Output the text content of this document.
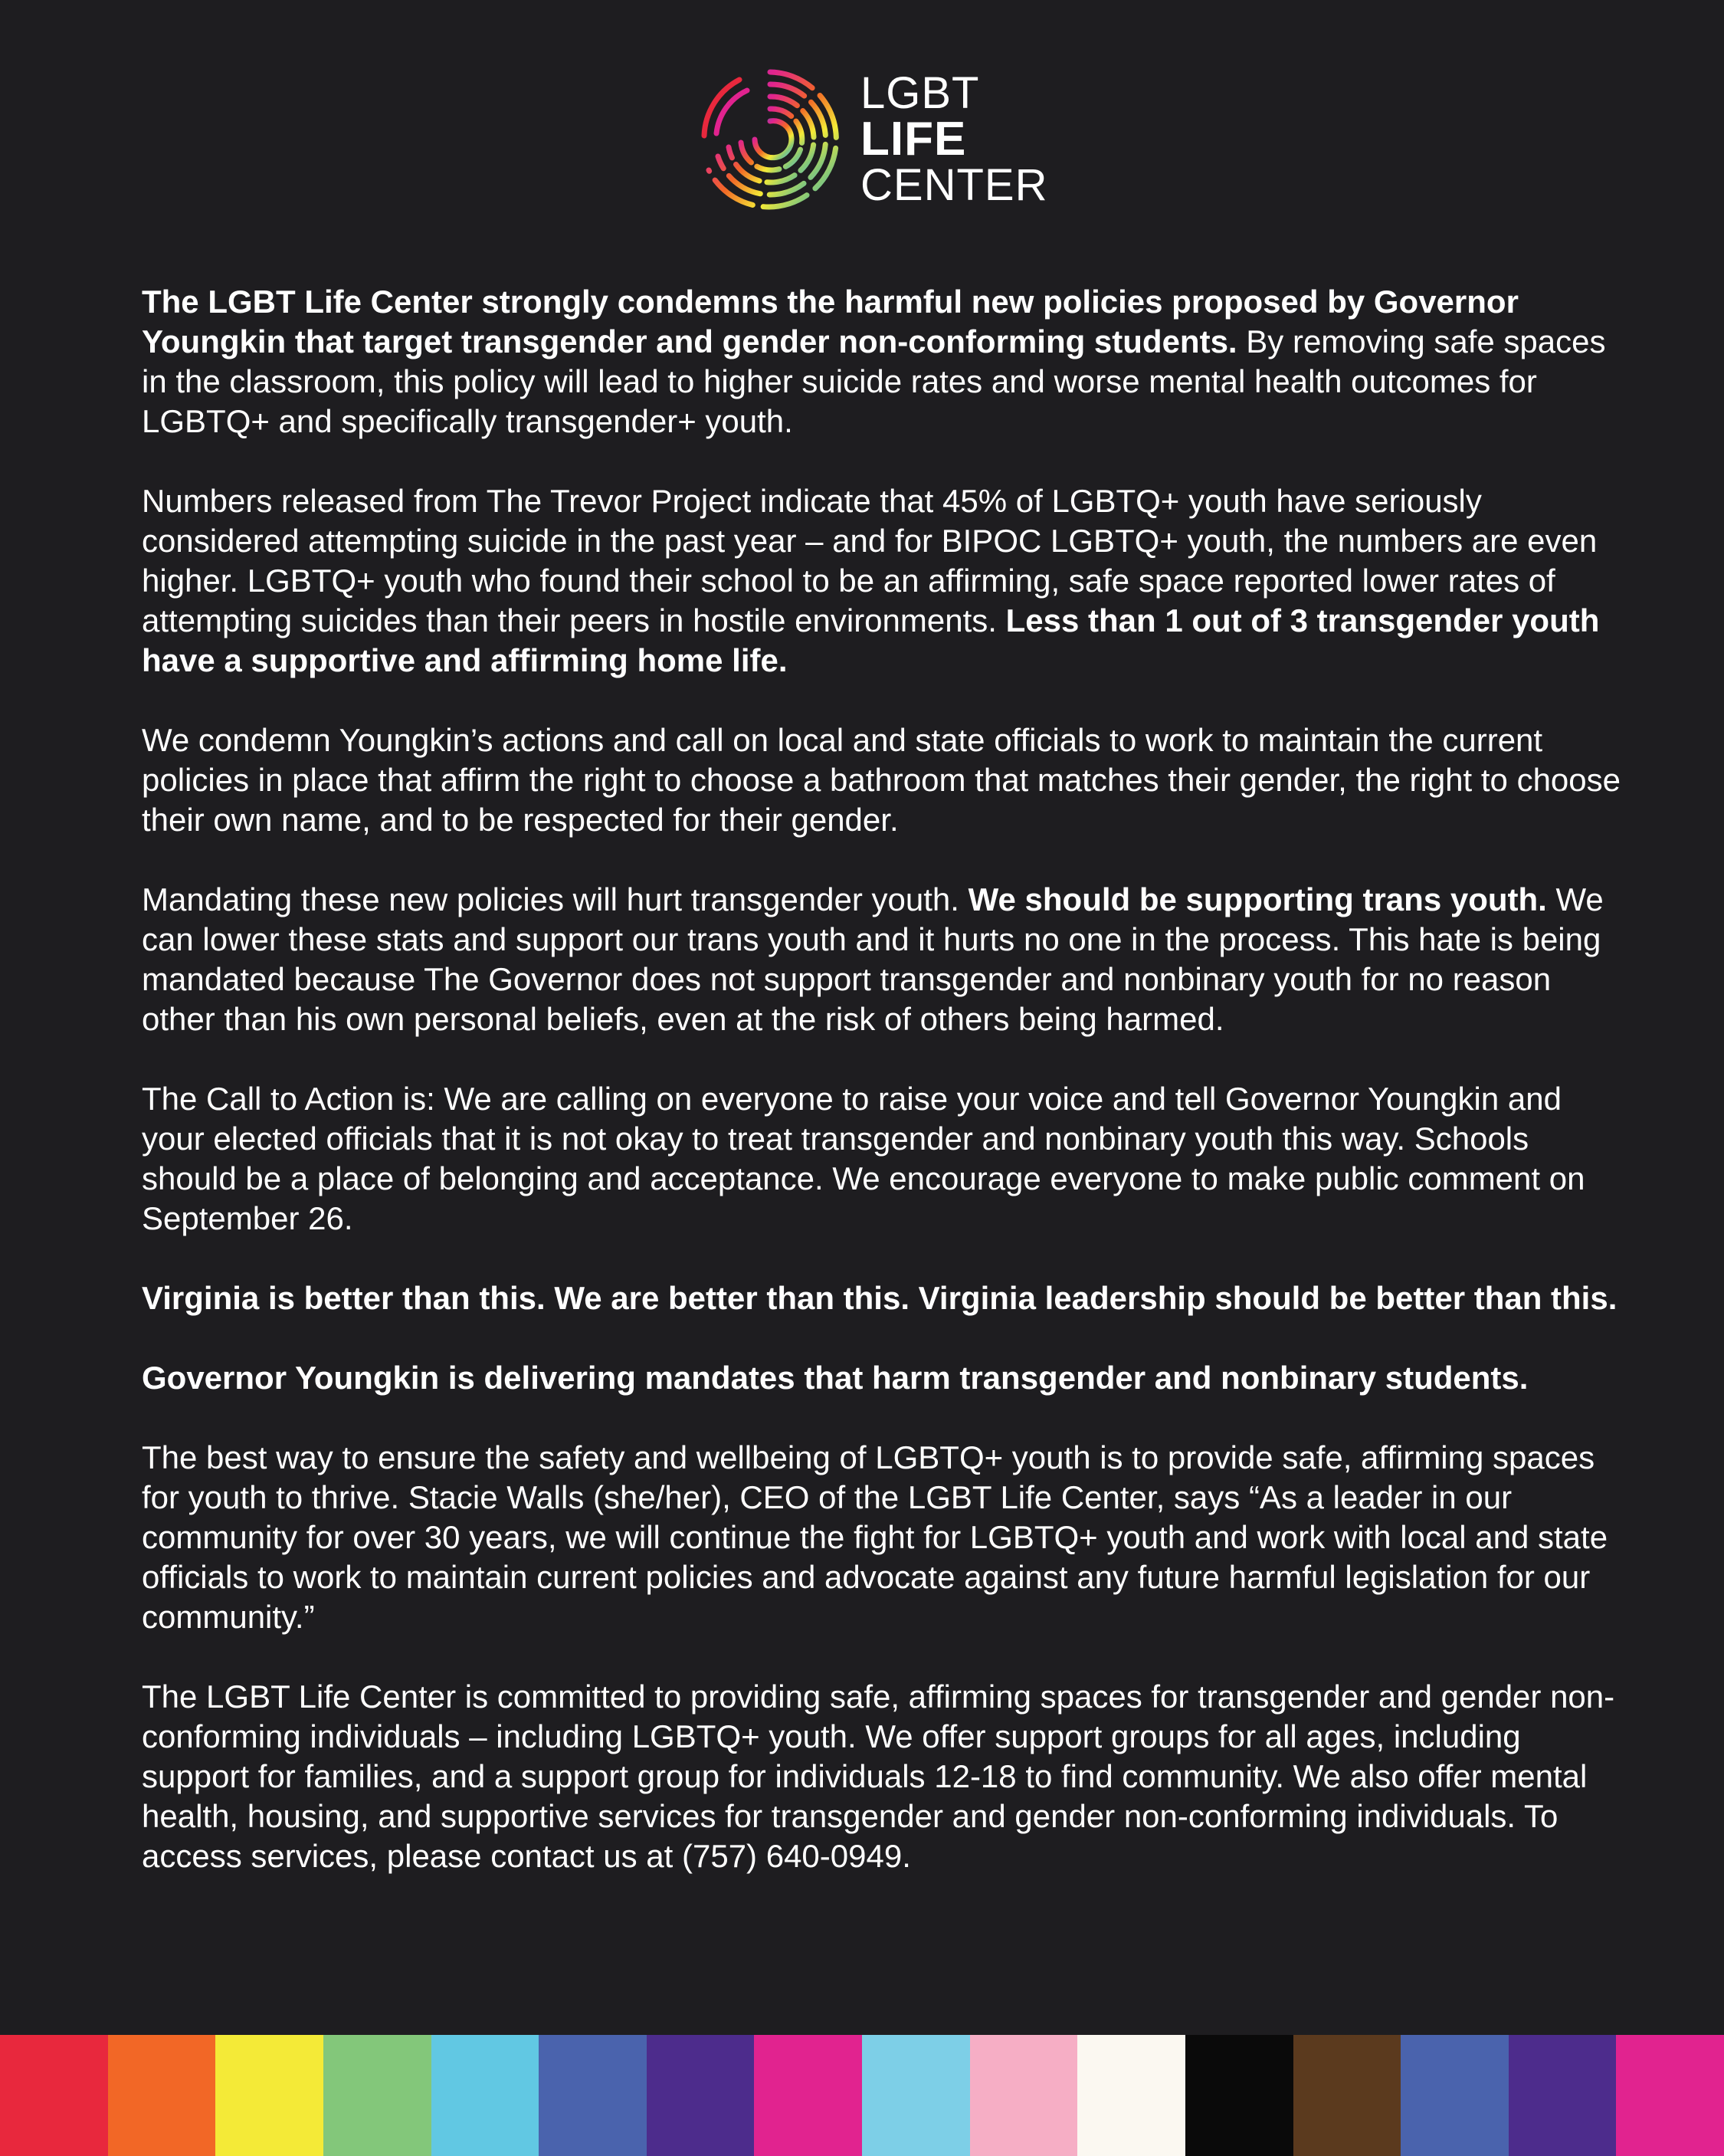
LGBT
LIFE
CENTER

The LGBT Life Center strongly condemns the harmful new policies proposed by Governor Youngkin that target transgender and gender non-conforming students. By removing safe spaces in the classroom, this policy will lead to higher suicide rates and worse mental health outcomes for LGBTQ+ and specifically transgender+ youth.

Numbers released from The Trevor Project indicate that 45% of LGBTQ+ youth have seriously considered attempting suicide in the past year – and for BIPOC LGBTQ+ youth, the numbers are even higher. LGBTQ+ youth who found their school to be an affirming, safe space reported lower rates of attempting suicides than their peers in hostile environments. Less than 1 out of 3 transgender youth have a supportive and affirming home life.

We condemn Youngkin’s actions and call on local and state officials to work to maintain the current policies in place that affirm the right to choose a bathroom that matches their gender, the right to choose their own name, and to be respected for their gender.

Mandating these new policies will hurt transgender youth. We should be supporting trans youth. We can lower these stats and support our trans youth and it hurts no one in the process. This hate is being mandated because The Governor does not support transgender and nonbinary youth for no reason other than his own personal beliefs, even at the risk of others being harmed.

The Call to Action is: We are calling on everyone to raise your voice and tell Governor Youngkin and your elected officials that it is not okay to treat transgender and nonbinary youth this way. Schools should be a place of belonging and acceptance. We encourage everyone to make public comment on September 26.

Virginia is better than this. We are better than this. Virginia leadership should be better than this.

Governor Youngkin is delivering mandates that harm transgender and nonbinary students.

The best way to ensure the safety and wellbeing of LGBTQ+ youth is to provide safe, affirming spaces for youth to thrive. Stacie Walls (she/her), CEO of the LGBT Life Center, says “As a leader in our community for over 30 years, we will continue the fight for LGBTQ+ youth and work with local and state officials to work to maintain current policies and advocate against any future harmful legislation for our community.”

The LGBT Life Center is committed to providing safe, affirming spaces for transgender and gender non-conforming individuals – including LGBTQ+ youth. We offer support groups for all ages, including support for families, and a support group for individuals 12-18 to find community. We also offer mental health, housing, and supportive services for transgender and gender non-conforming individuals. To access services, please contact us at (757) 640-0949.
